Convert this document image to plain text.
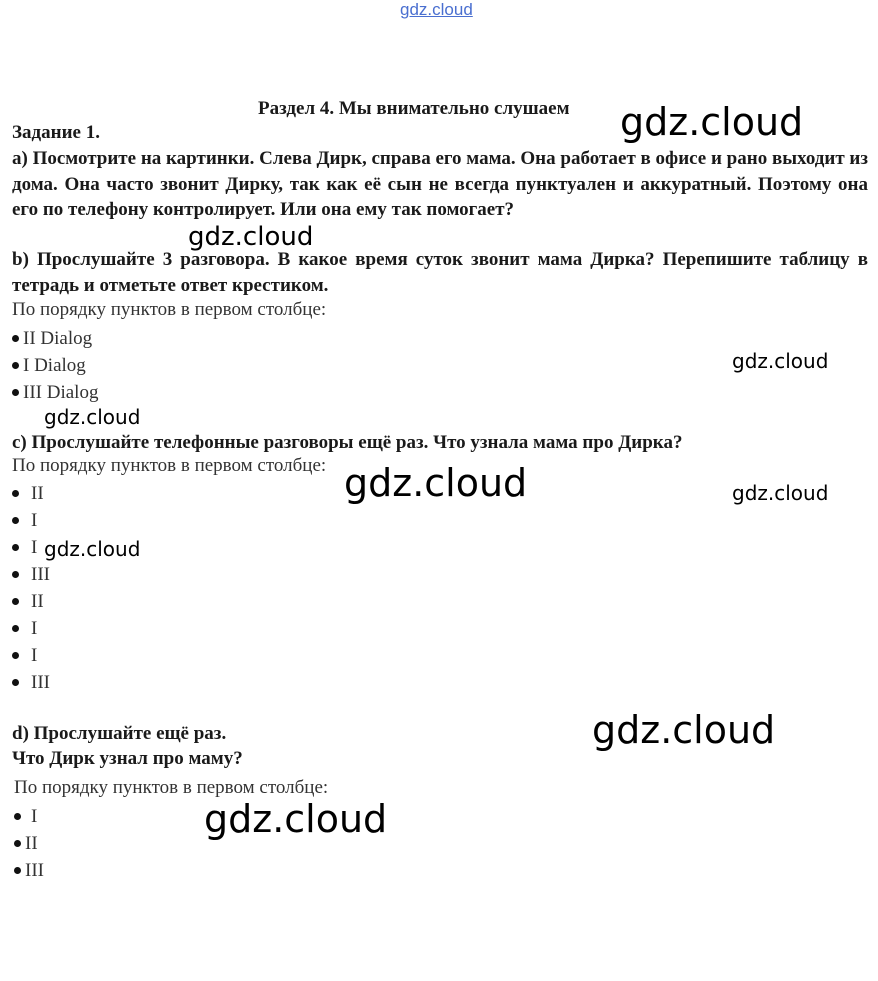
gdz.cloud
Раздел 4. Мы внимательно слушаем
Задание 1.
а) Посмотрите на картинки. Слева Дирк, справа его мама. Она работает в офисе и рано выходит из дома. Она часто звонит Дирку, так как её сын не всегда пунктуален и аккуратный. Поэтому она его по телефону контролирует. Или она ему так помогает?
b) Прослушайте 3 разговора. В какое время суток звонит мама Дирка? Перепишите таблицу в тетрадь и отметьте ответ крестиком.
По порядку пунктов в первом столбце:
II Dialog
I Dialog
III Dialog
c) Прослушайте телефонные разговоры ещё раз. Что узнала мама про Дирка?
По порядку пунктов в первом столбце:
II
I
I
III
II
I
I
III
d) Прослушайте ещё раз.
Что Дирк узнал про маму?
По порядку пунктов в первом столбце:
I
II
III
gdz.cloud
gdz.cloud
gdz.cloud
gdz.cloud
gdz.cloud	gdz.cloud
gdz.cloud
gdz.cloud
gdz.cloud
